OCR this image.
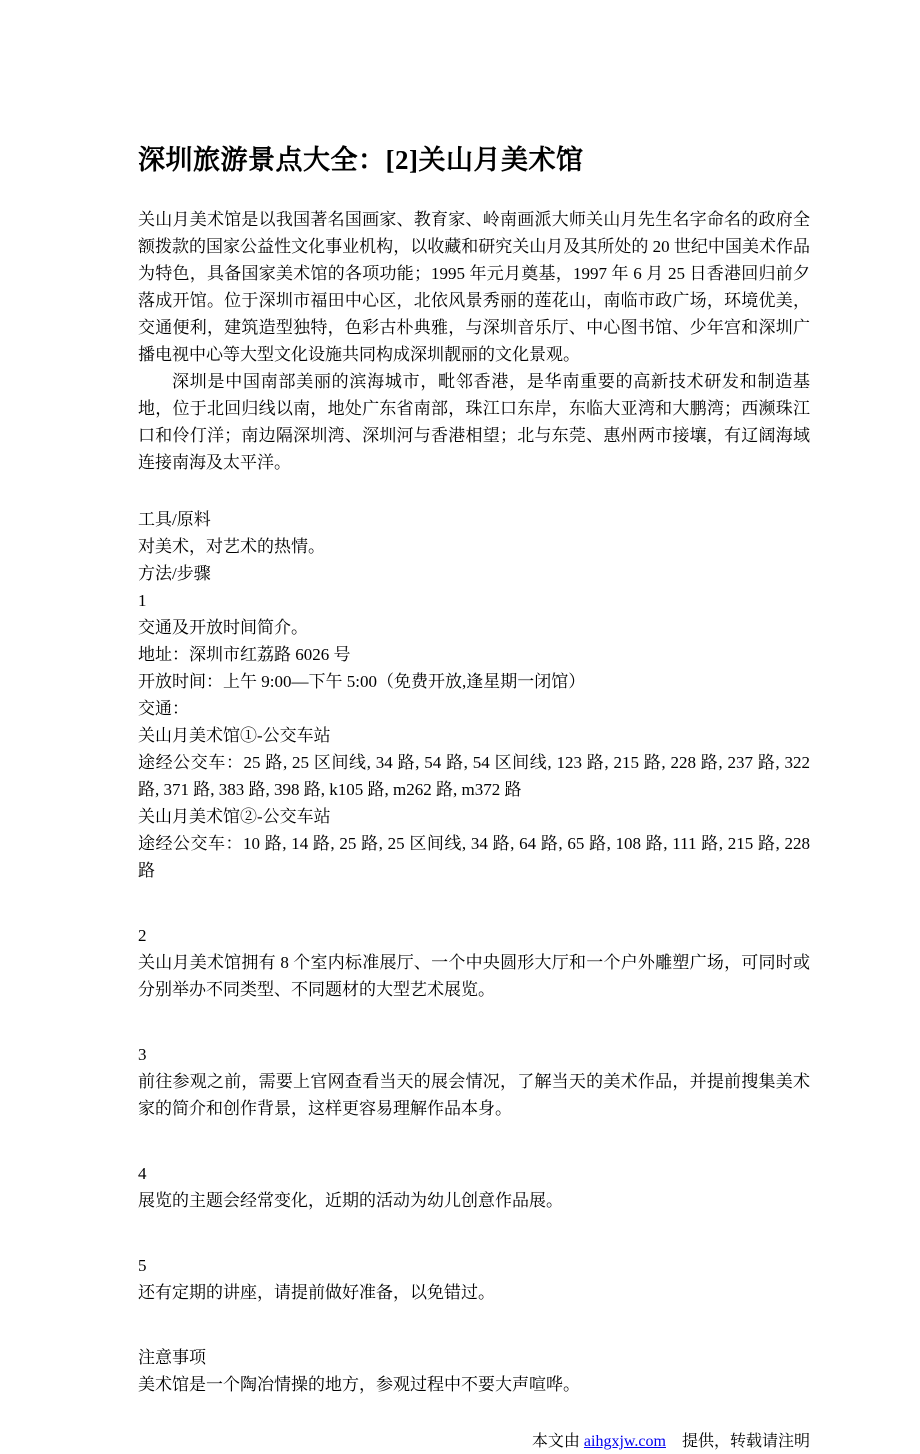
深圳旅游景点大全：[2]关山月美术馆

关山月美术馆是以我国著名国画家、教育家、岭南画派大师关山月先生名字命名的政府全额拨款的国家公益性文化事业机构，以收藏和研究关山月及其所处的 20 世纪中国美术作品为特色，具备国家美术馆的各项功能；1995 年元月奠基，1997 年 6 月 25 日香港回归前夕落成开馆。位于深圳市福田中心区，北依风景秀丽的莲花山，南临市政广场，环境优美，交通便利，建筑造型独特，色彩古朴典雅，与深圳音乐厅、中心图书馆、少年宫和深圳广播电视中心等大型文化设施共同构成深圳靓丽的文化景观。

深圳是中国南部美丽的滨海城市，毗邻香港，是华南重要的高新技术研发和制造基地，位于北回归线以南，地处广东省南部，珠江口东岸，东临大亚湾和大鹏湾；西濒珠江口和伶仃洋；南边隔深圳湾、深圳河与香港相望；北与东莞、惠州两市接壤，有辽阔海域连接南海及太平洋。

工具/原料
对美术，对艺术的热情。
方法/步骤
1
交通及开放时间简介。
地址：深圳市红荔路 6026 号
开放时间：上午 9:00—下午 5:00（免费开放,逢星期一闭馆）
交通：
关山月美术馆①-公交车站
途经公交车：25 路, 25 区间线, 34 路, 54 路, 54 区间线, 123 路, 215 路, 228 路, 237 路, 322 路, 371 路, 383 路, 398 路, k105 路, m262 路, m372 路
关山月美术馆②-公交车站
途经公交车：10 路, 14 路, 25 路, 25 区间线, 34 路, 64 路, 65 路, 108 路, 111 路, 215 路, 228 路
2
关山月美术馆拥有 8 个室内标准展厅、一个中央圆形大厅和一个户外雕塑广场，可同时或分别举办不同类型、不同题材的大型艺术展览。
3
前往参观之前，需要上官网查看当天的展会情况，了解当天的美术作品，并提前搜集美术家的简介和创作背景，这样更容易理解作品本身。
4
展览的主题会经常变化，近期的活动为幼儿创意作品展。
5
还有定期的讲座，请提前做好准备，以免错过。
注意事项
美术馆是一个陶冶情操的地方，参观过程中不要大声喧哗。
本文由 aihgxjw.com　提供，转载请注明
